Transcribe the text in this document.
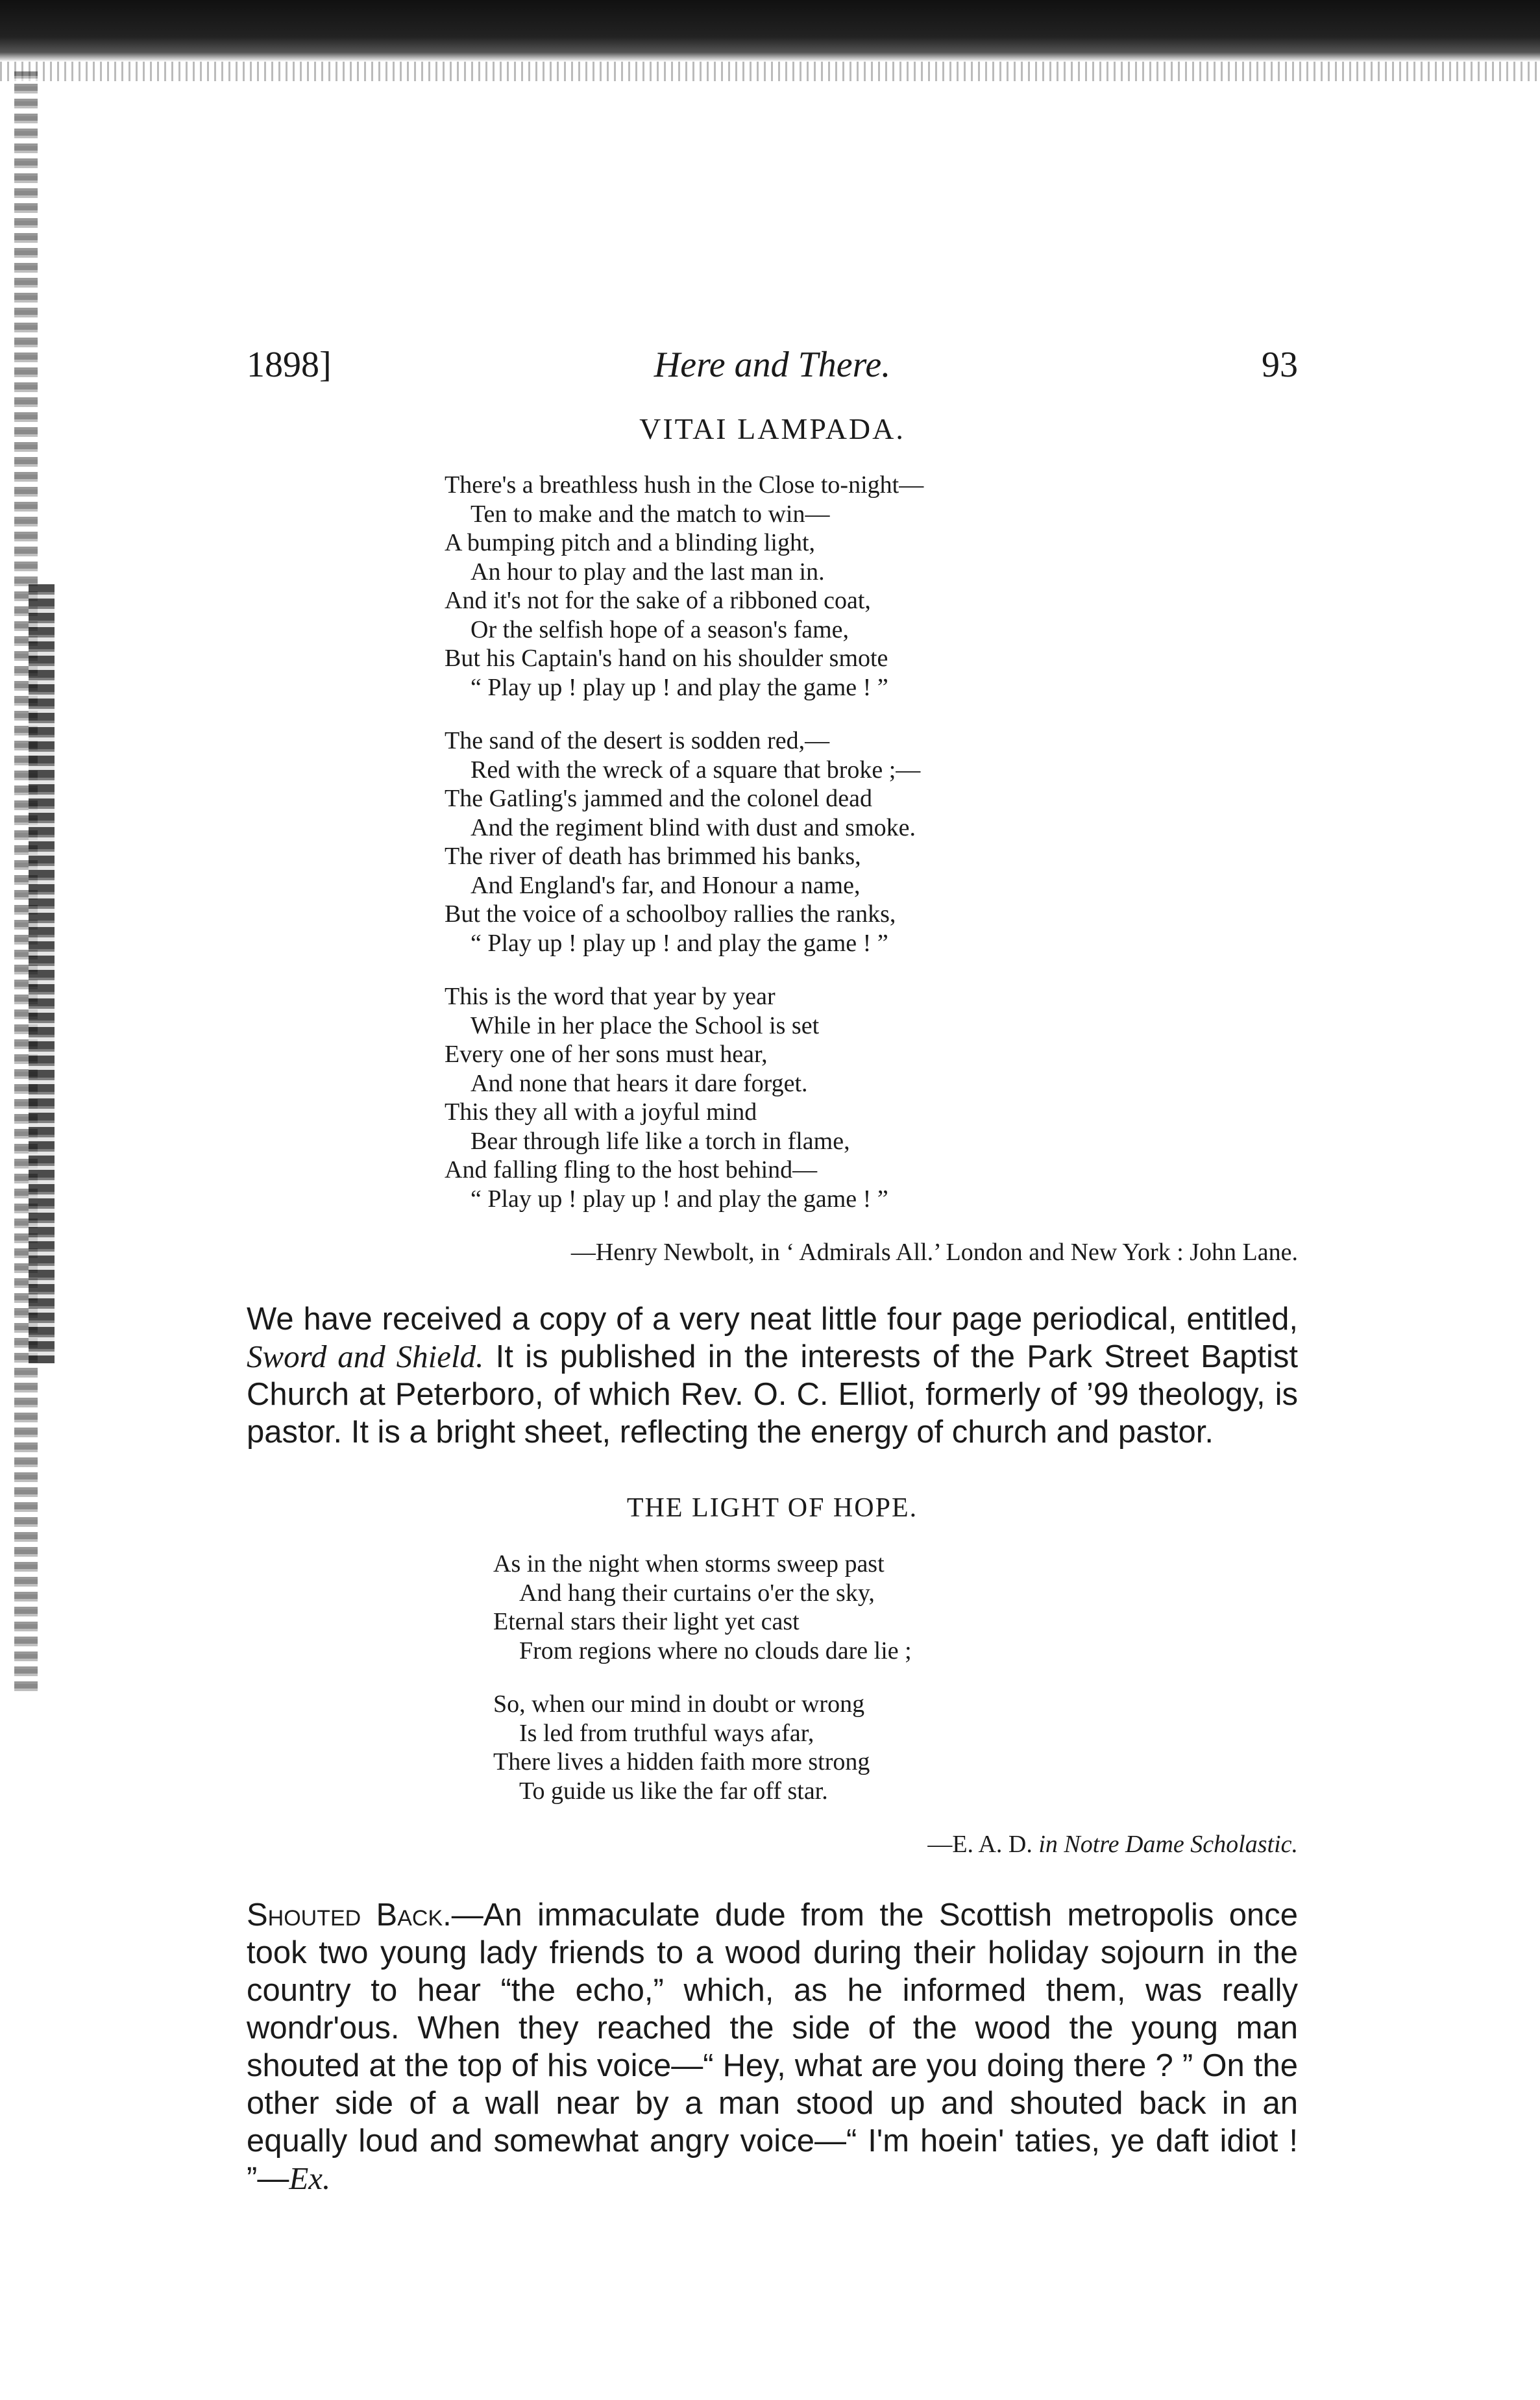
1898]	Here and There.	93
VITAI LAMPADA.
There's a breathless hush in the Close to-night—
Ten to make and the match to win—
A bumping pitch and a blinding light,
An hour to play and the last man in.
And it's not for the sake of a ribboned coat,
Or the selfish hope of a season's fame,
But his Captain's hand on his shoulder smote
“ Play up ! play up ! and play the game ! ”
The sand of the desert is sodden red,—
Red with the wreck of a square that broke ;—
The Gatling's jammed and the colonel dead
And the regiment blind with dust and smoke.
The river of death has brimmed his banks,
And England's far, and Honour a name,
But the voice of a schoolboy rallies the ranks,
“ Play up ! play up ! and play the game ! ”
This is the word that year by year
While in her place the School is set
Every one of her sons must hear,
And none that hears it dare forget.
This they all with a joyful mind
Bear through life like a torch in flame,
And falling fling to the host behind—
“ Play up ! play up ! and play the game ! ”
—Henry Newbolt, in ‘ Admirals All.’ London and New York : John Lane.

We have received a copy of a very neat little four page periodical, entitled, Sword and Shield. It is published in the interests of the Park Street Baptist Church at Peterboro, of which Rev. O. C. Elliot, formerly of ’99 theology, is pastor. It is a bright sheet, reflecting the energy of church and pastor.

THE LIGHT OF HOPE.
As in the night when storms sweep past
And hang their curtains o'er the sky,
Eternal stars their light yet cast
From regions where no clouds dare lie ;
So, when our mind in doubt or wrong
Is led from truthful ways afar,
There lives a hidden faith more strong
To guide us like the far off star.
—E. A. D. in Notre Dame Scholastic.

Shouted Back.—An immaculate dude from the Scottish metropolis once took two young lady friends to a wood during their holiday sojourn in the country to hear “the echo,” which, as he informed them, was really wondr'ous. When they reached the side of the wood the young man shouted at the top of his voice—“ Hey, what are you doing there ? ” On the other side of a wall near by a man stood up and shouted back in an equally loud and somewhat angry voice—“ I'm hoein' taties, ye daft idiot ! ”—Ex.
